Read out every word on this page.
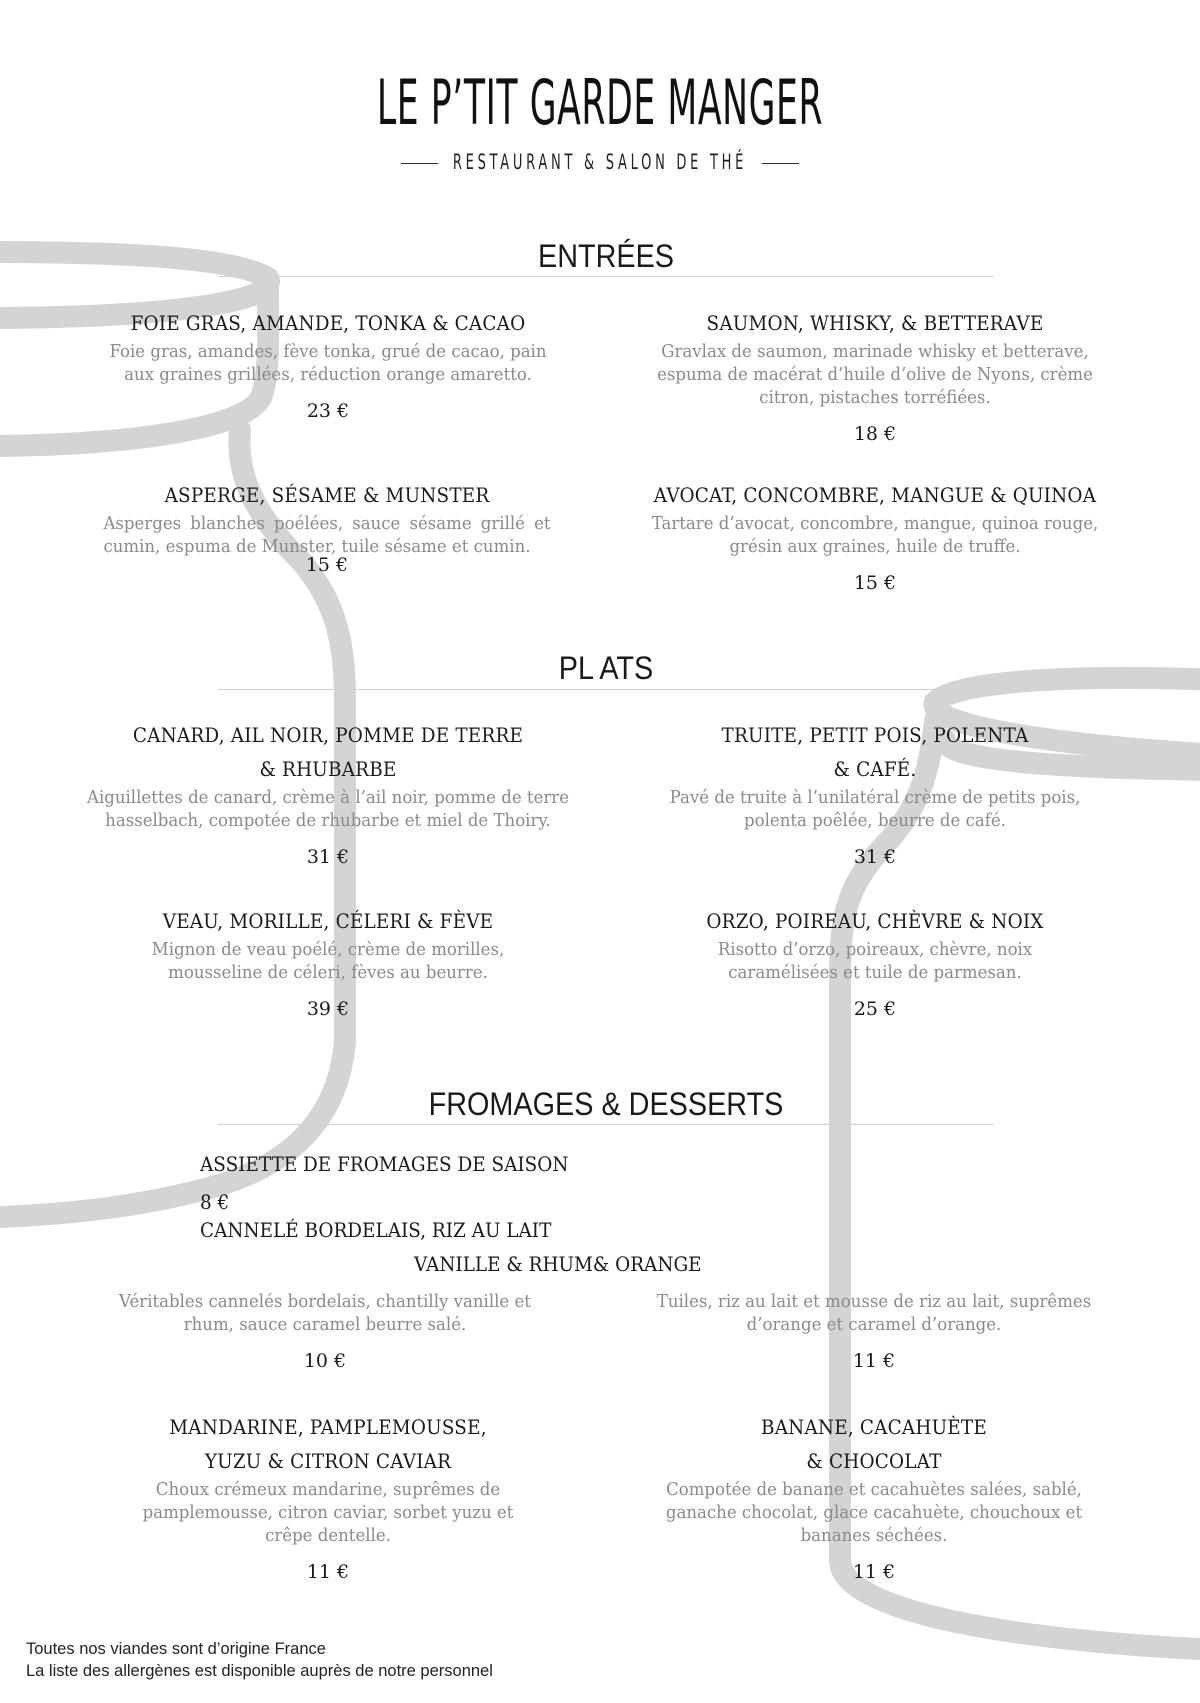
LE P’TIT GARDE MANGER
RESTAURANT & SALON DE THÉ
ENTRÉES
FOIE GRAS, AMANDE, TONKA & CACAO
Foie gras, amandes, fève tonka, grué de cacao, pain aux graines grillées, réduction orange amaretto.
23 €
SAUMON, WHISKY, & BETTERAVE
Gravlax de saumon, marinade whisky et betterave, espuma de macérat d’huile d’olive de Nyons, crème citron, pistaches torréfiées.
18 €
ASPERGE, SÉSAME & MUNSTER
Asperges blanches poélées, sauce sésame grillé et cumin, espuma de Munster, tuile sésame et cumin.
15 €
AVOCAT, CONCOMBRE, MANGUE & QUINOA
Tartare d’avocat, concombre, mangue, quinoa rouge, grésin aux graines, huile de truffe.
15 €
PL ATS
CANARD, AIL NOIR, POMME DE TERRE
& RHUBARBE
Aiguillettes de canard, crème à l’ail noir, pomme de terre hasselbach, compotée de rhubarbe et miel de Thoiry.
31 €
TRUITE, PETIT POIS, POLENTA
& CAFÉ.
Pavé de truite à l’unilatéral crème de petits pois, polenta poêlée, beurre de café.
31 €
VEAU, MORILLE, CÉLERI & FÈVE
Mignon de veau poélé, crème de morilles, mousseline de céleri, fèves au beurre.
39 €
ORZO, POIREAU, CHÈVRE & NOIX
Risotto d’orzo, poireaux, chèvre, noix caramélisées et tuile de parmesan.
25 €
FROMAGES & DESSERTS
ASSIETTE DE FROMAGES DE SAISON
8 €
CANNELÉ BORDELAIS, RIZ AU LAIT
VANILLE & RHUM& ORANGE
Véritables cannelés bordelais, chantilly vanille et rhum, sauce caramel beurre salé.
10 €
Tuiles, riz au lait et mousse de riz au lait, suprêmes d’orange et caramel d’orange.
11 €
MANDARINE, PAMPLEMOUSSE,
YUZU & CITRON CAVIAR
Choux crémeux mandarine, suprêmes de pamplemousse, citron caviar, sorbet yuzu et crêpe dentelle.
11 €
BANANE, CACAHUÈTE
& CHOCOLAT
Compotée de banane et cacahuètes salées, sablé, ganache chocolat, glace cacahuète, chouchoux et bananes séchées.
11 €
Toutes nos viandes sont d’origine France
La liste des allergènes est disponible auprès de notre personnel
